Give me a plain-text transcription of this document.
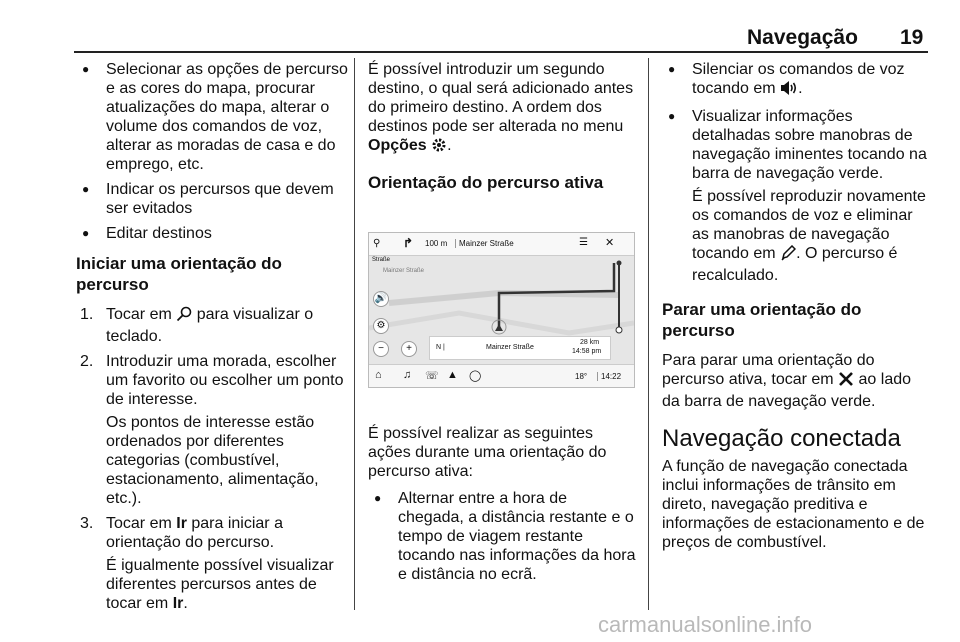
Navegação 19

● Selecionar as opções de percurso e as cores do mapa, procurar atualizações do mapa, alterar o volume dos comandos de voz, alterar as moradas de casa e do emprego, etc.

● Indicar os percursos que devem ser evitados

● Editar destinos

Iniciar uma orientação do percurso

1. Tocar em para visualizar o teclado.

2. Introduzir uma morada, escolher um favorito ou escolher um ponto de interesse.

Os pontos de interesse estão ordenados por diferentes categorias (combustível, estacionamento, alimentação, etc.).

3. Tocar em Ir para iniciar a orientação do percurso.

É igualmente possível visualizar diferentes percursos antes de tocar em Ir.

É possível introduzir um segundo destino, o qual será adicionado antes do primeiro destino. A ordem dos destinos pode ser alterada no menu Opções .

Orientação do percurso ativa

⚲ ↱ 100 m	Mainzer Straße	☰ ✕
Straße
Mainzer Straße
🔊
⚙
−	+	N |	Mainzer Straße
28 km
14:58 pm
⌂ ♫ ☏ ▲ ◯	18°	14:22

É possível realizar as seguintes ações durante uma orientação do percurso ativa:

● Alternar entre a hora de chegada, a distância restante e o tempo de viagem restante tocando nas informações da hora e distância no ecrã.

● Silenciar os comandos de voz tocando em .

● Visualizar informações detalhadas sobre manobras de navegação iminentes tocando na barra de navegação verde.

É possível reproduzir novamente os comandos de voz e eliminar as manobras de navegação tocando em . O percurso é recalculado.

Parar uma orientação do percurso

Para parar uma orientação do percurso ativa, tocar em ao lado da barra de navegação verde.

Navegação conectada

A função de navegação conectada inclui informações de trânsito em direto, navegação preditiva e informações de estacionamento e de preços de combustível.

carmanualsonline.info
